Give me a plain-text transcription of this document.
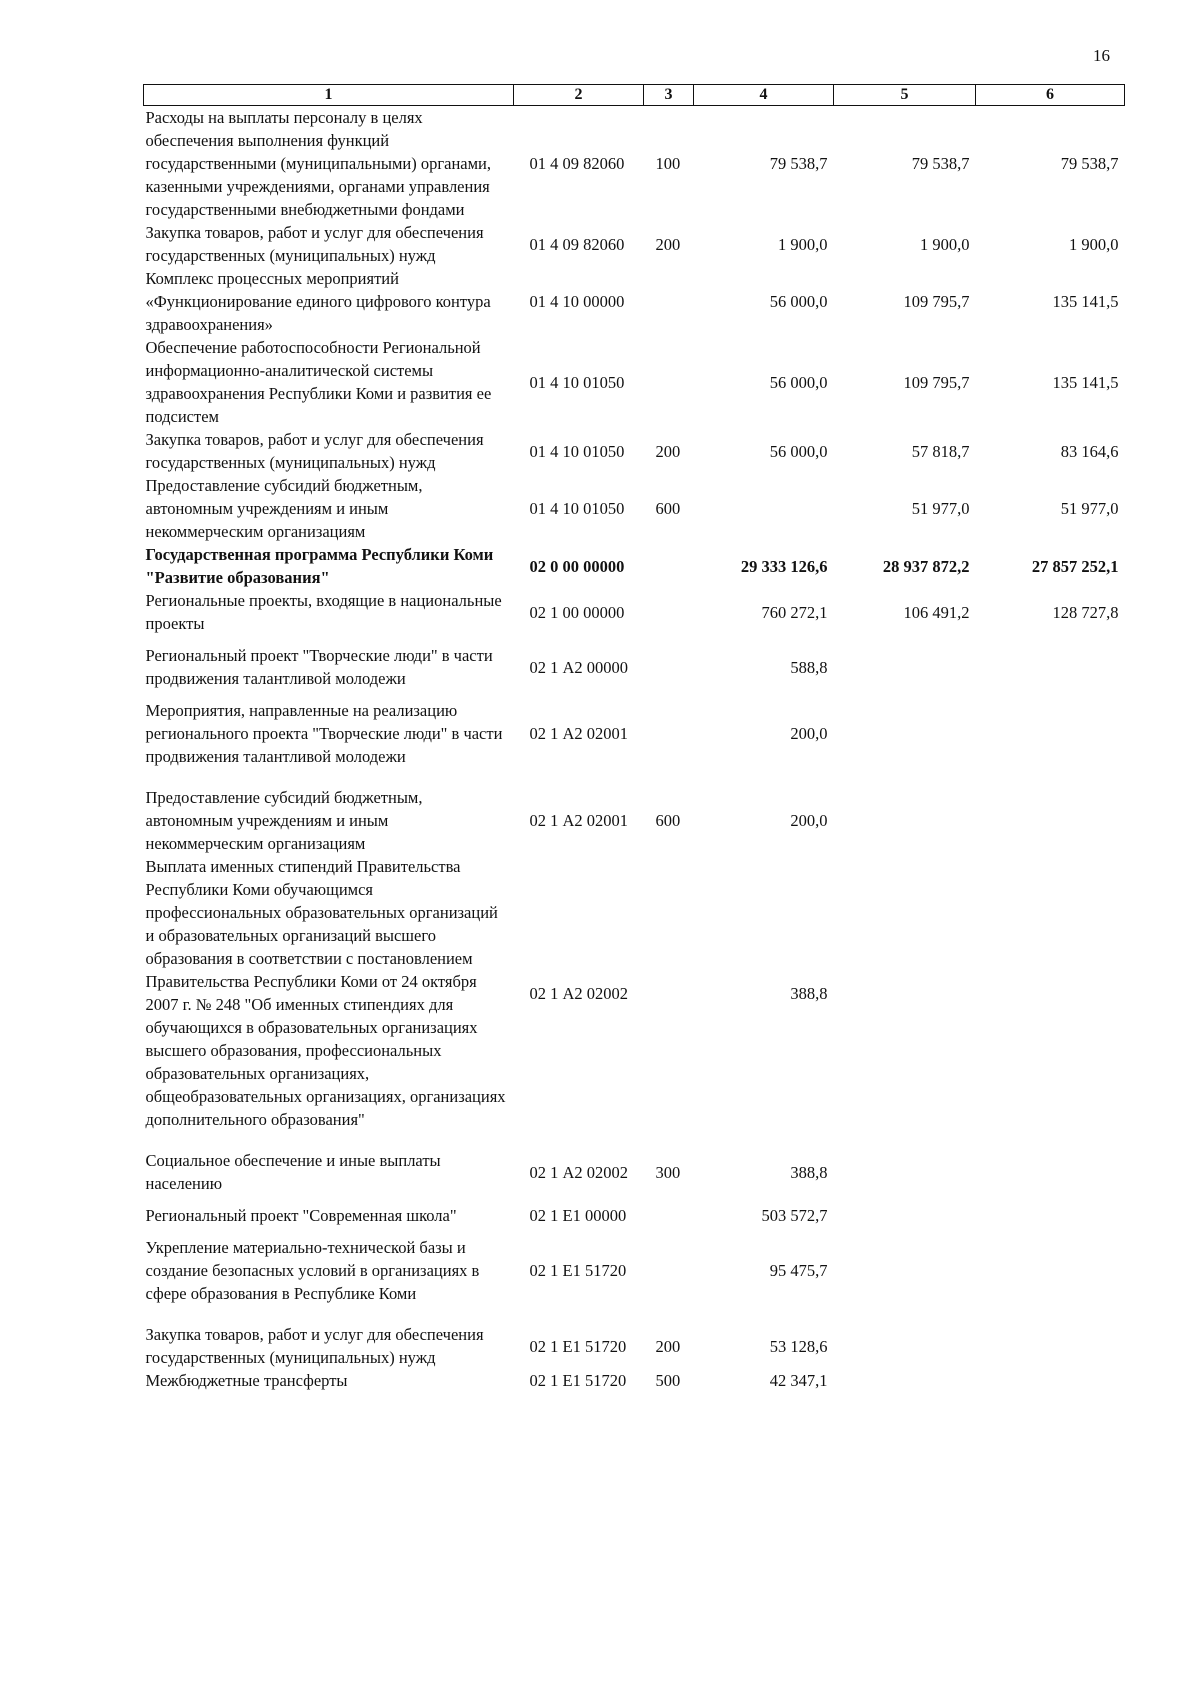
16
1	2	3	4	5	6
Расходы на выплаты персоналу в целях обеспечения выполнения функций государственными (муниципальными) органами, казенными учреждениями, органами управления государственными внебюджетными фондами	01 4 09 82060	100	79 538,7	79 538,7	79 538,7
Закупка товаров, работ и услуг для обеспечения государственных (муниципальных) нужд	01 4 09 82060	200	1 900,0	1 900,0	1 900,0
Комплекс процессных мероприятий «Функционирование единого цифрового контура здравоохранения»	01 4 10 00000		56 000,0	109 795,7	135 141,5
Обеспечение работоспособности Региональной информационно-аналитической системы здравоохранения Республики Коми и развития ее подсистем	01 4 10 01050		56 000,0	109 795,7	135 141,5
Закупка товаров, работ и услуг для обеспечения государственных (муниципальных) нужд	01 4 10 01050	200	56 000,0	57 818,7	83 164,6
Предоставление субсидий бюджетным, автономным учреждениям и иным некоммерческим организациям	01 4 10 01050	600		51 977,0	51 977,0
Государственная программа Республики Коми "Развитие образования"	02 0 00 00000		29 333 126,6	28 937 872,2	27 857 252,1
Региональные проекты, входящие в национальные проекты	02 1 00 00000		760 272,1	106 491,2	128 727,8
Региональный проект "Творческие люди" в части продвижения талантливой молодежи	02 1 А2 00000		588,8		
Мероприятия, направленные на реализацию регионального проекта "Творческие люди" в части продвижения талантливой молодежи	02 1 А2 02001		200,0		
Предоставление субсидий бюджетным, автономным учреждениям и иным некоммерческим организациям	02 1 А2 02001	600	200,0		
Выплата именных стипендий Правительства Республики Коми обучающимся профессиональных образовательных организаций и образовательных организаций высшего образования в соответствии с постановлением Правительства Республики Коми от 24 октября 2007 г. № 248 "Об именных стипендиях для обучающихся в образовательных организациях высшего образования, профессиональных образовательных организациях, общеобразовательных организациях, организациях дополнительного образования"	02 1 А2 02002		388,8		
Социальное обеспечение и иные выплаты населению	02 1 А2 02002	300	388,8		
Региональный проект "Современная школа"	02 1 Е1 00000		503 572,7		
Укрепление материально-технической базы и создание безопасных условий в организациях в сфере образования в Республике Коми	02 1 Е1 51720		95 475,7		
Закупка товаров, работ и услуг для обеспечения государственных (муниципальных) нужд	02 1 Е1 51720	200	53 128,6		
Межбюджетные трансферты	02 1 Е1 51720	500	42 347,1		
